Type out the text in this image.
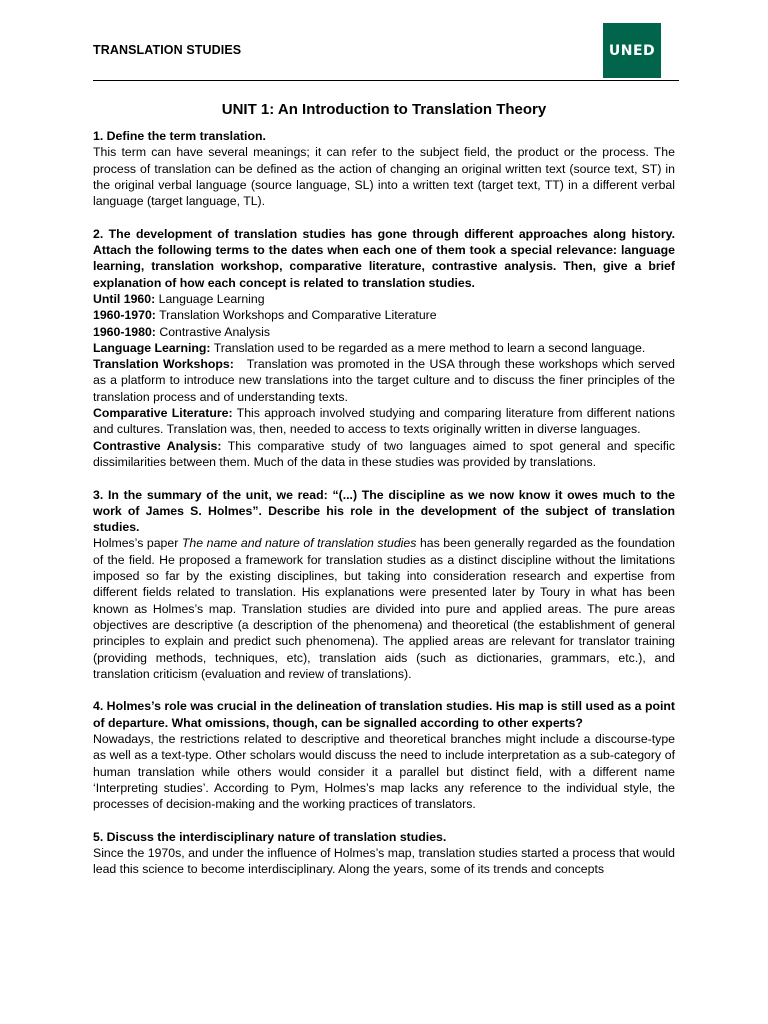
TRANSLATION STUDIES	UNED
UNIT 1: An Introduction to Translation Theory

1. Define the term translation.

This term can have several meanings; it can refer to the subject field, the product or the process. The process of translation can be defined as the action of changing an original written text (source text, ST) in the original verbal language (source language, SL) into a written text (target text, TT) in a different verbal language (target language, TL).

2. The development of translation studies has gone through different approaches along history. Attach the following terms to the dates when each one of them took a special relevance: language learning, translation workshop, comparative literature, contrastive analysis. Then, give a brief explanation of how each concept is related to translation studies.

Until 1960: Language Learning

1960-1970: Translation Workshops and Comparative Literature

1960-1980: Contrastive Analysis

Language Learning: Translation used to be regarded as a mere method to learn a second language.

Translation Workshops:   Translation was promoted in the USA through these workshops which served as a platform to introduce new translations into the target culture and to discuss the finer principles of the translation process and of understanding texts.

Comparative Literature: This approach involved studying and comparing literature from different nations and cultures. Translation was, then, needed to access to texts originally written in diverse languages.

Contrastive Analysis: This comparative study of two languages aimed to spot general and specific dissimilarities between them. Much of the data in these studies was provided by translations.

3. In the summary of the unit, we read: “(...) The discipline as we now know it owes much to the work of James S. Holmes”. Describe his role in the development of the subject of translation studies.

Holmes’s paper The name and nature of translation studies has been generally regarded as the foundation of the field. He proposed a framework for translation studies as a distinct discipline without the limitations imposed so far by the existing disciplines, but taking into consideration research and expertise from different fields related to translation. His explanations were presented later by Toury in what has been known as Holmes’s map. Translation studies are divided into pure and applied areas. The pure areas objectives are descriptive (a description of the phenomena) and theoretical (the establishment of general principles to explain and predict such phenomena). The applied areas are relevant for translator training (providing methods, techniques, etc), translation aids (such as dictionaries, grammars, etc.), and translation criticism (evaluation and review of translations).

4. Holmes’s role was crucial in the delineation of translation studies. His map is still used as a point of departure. What omissions, though, can be signalled according to other experts?

Nowadays, the restrictions related to descriptive and theoretical branches might include a discourse-type as well as a text-type. Other scholars would discuss the need to include interpretation as a sub-category of human translation while others would consider it a parallel but distinct field, with a different name ‘Interpreting studies’. According to Pym, Holmes’s map lacks any reference to the individual style, the processes of decision-making and the working practices of translators.

5. Discuss the interdisciplinary nature of translation studies.

Since the 1970s, and under the influence of Holmes’s map, translation studies started a process that would lead this science to become interdisciplinary. Along the years, some of its trends and concepts
